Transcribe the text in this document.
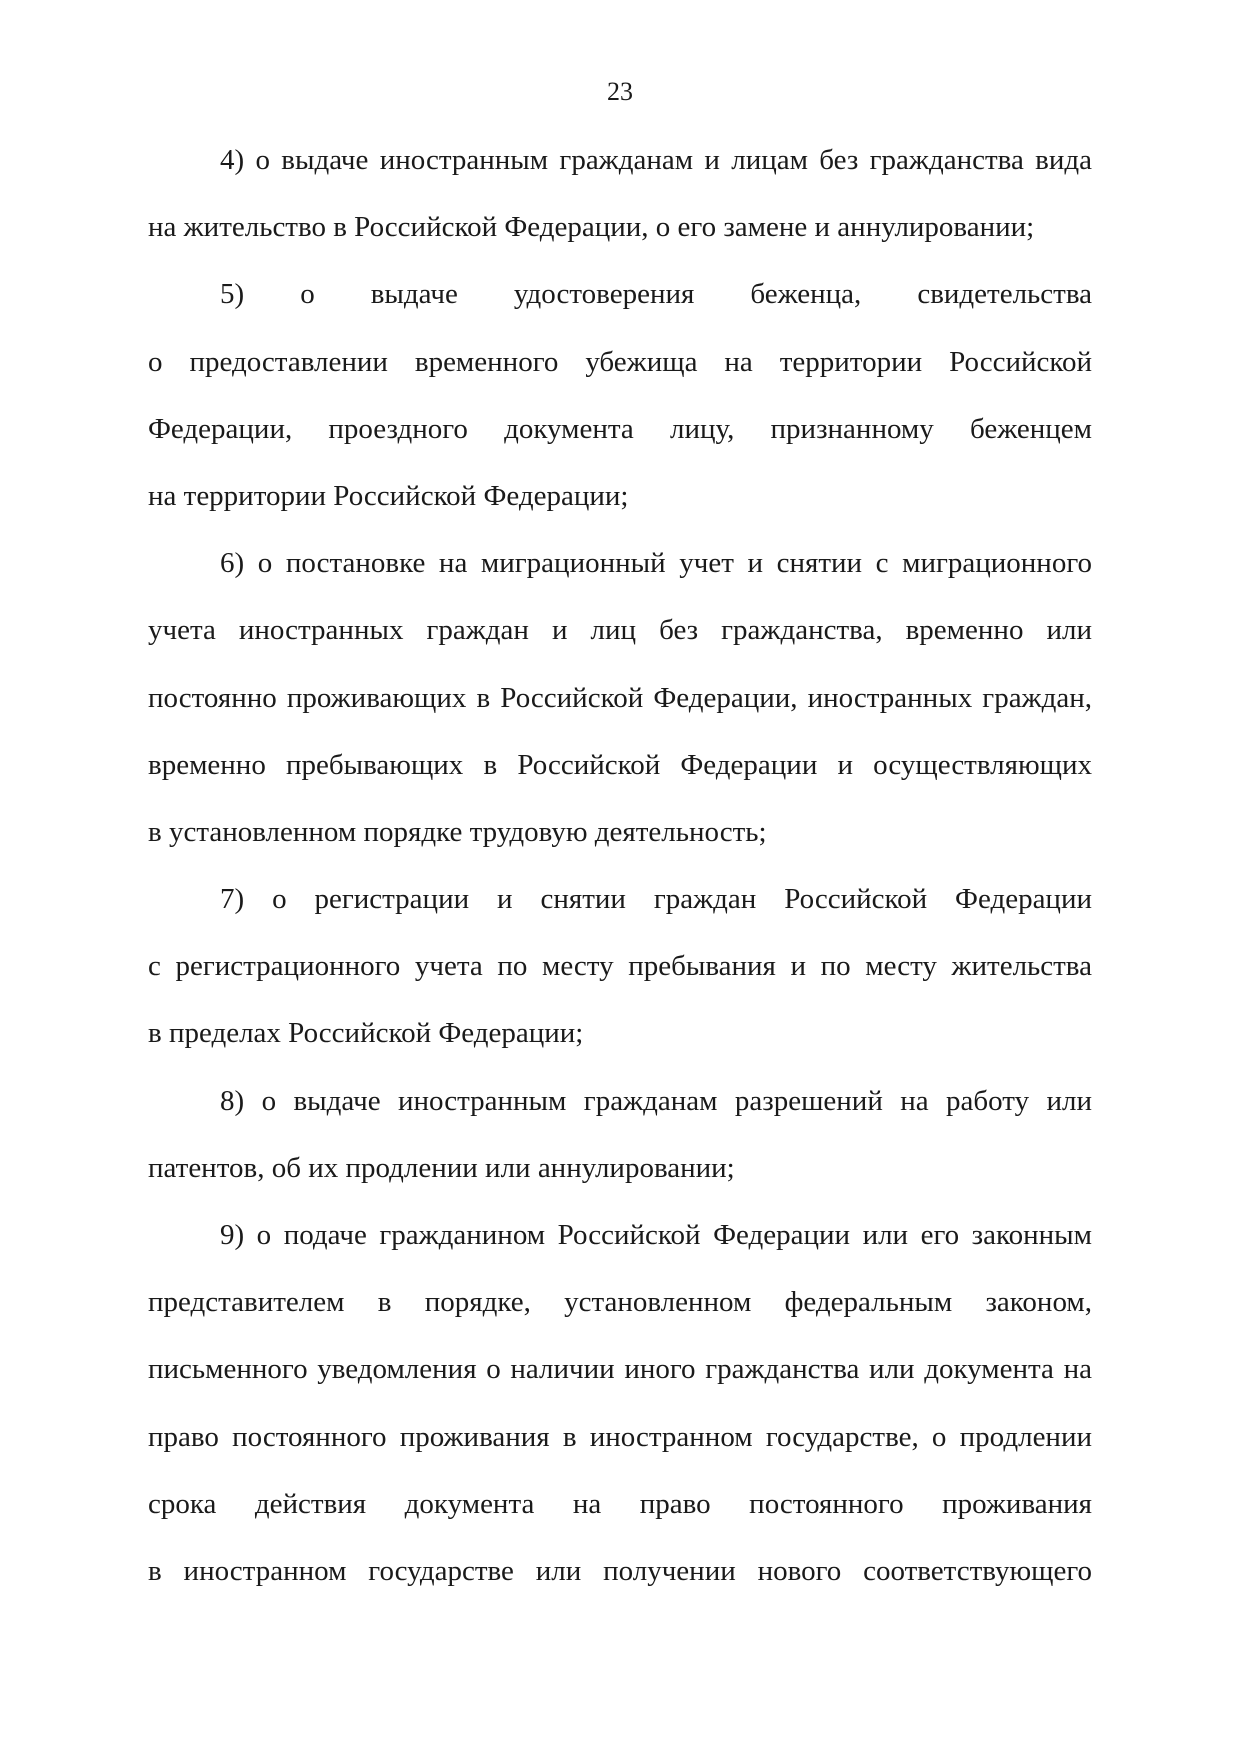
23
4) о выдаче иностранным гражданам и лицам без гражданства вида
на жительство в Российской Федерации, о его замене и аннулировании;
5) о выдаче удостоверения беженца, свидетельства
о предоставлении временного убежища на территории Российской
Федерации, проездного документа лицу, признанному беженцем
на территории Российской Федерации;
6) о постановке на миграционный учет и снятии с миграционного
учета иностранных граждан и лиц без гражданства, временно или
постоянно проживающих в Российской Федерации, иностранных граждан,
временно пребывающих в Российской Федерации и осуществляющих
в установленном порядке трудовую деятельность;
7) о регистрации и снятии граждан Российской Федерации
с регистрационного учета по месту пребывания и по месту жительства
в пределах Российской Федерации;
8) о выдаче иностранным гражданам разрешений на работу или
патентов, об их продлении или аннулировании;
9) о подаче гражданином Российской Федерации или его законным
представителем в порядке, установленном федеральным законом,
письменного уведомления о наличии иного гражданства или документа на
право постоянного проживания в иностранном государстве, о продлении
срока действия документа на право постоянного проживания
в иностранном государстве или получении нового соответствующего
